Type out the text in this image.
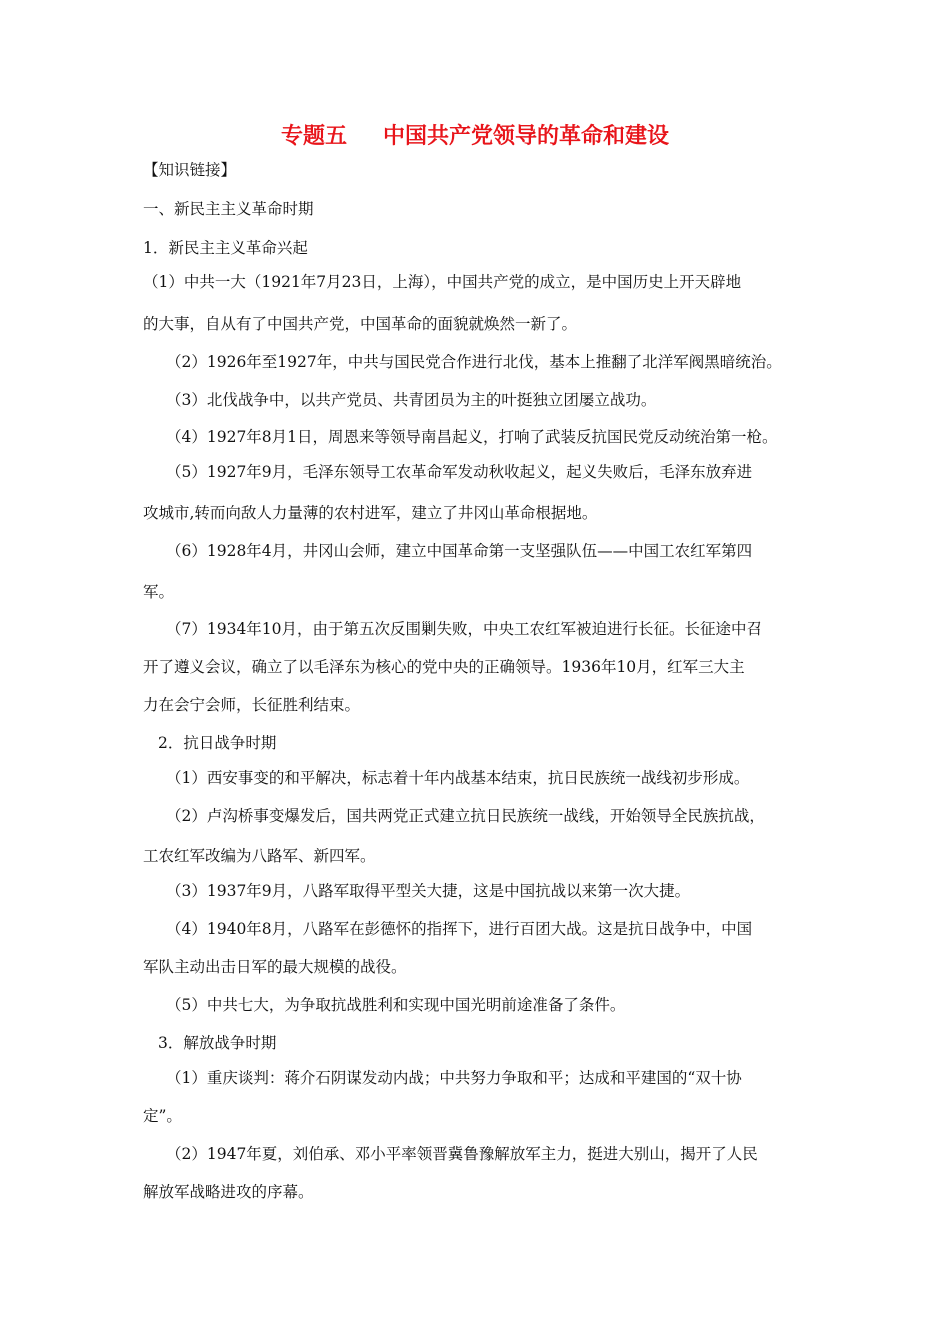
专题五 中国共产党领导的革命和建设
【知识链接】
一、新民主主义革命时期
1．新民主主义革命兴起
（1）中共一大（1921年7月23日，上海），中国共产党的成立，是中国历史上开天辟地
的大事，自从有了中国共产党，中国革命的面貌就焕然一新了。
（2）1926年至1927年，中共与国民党合作进行北伐，基本上推翻了北洋军阀黑暗统治。
（3）北伐战争中，以共产党员、共青团员为主的叶挺独立团屡立战功。
（4）1927年8月1日，周恩来等领导南昌起义，打响了武装反抗国民党反动统治第一枪。
（5）1927年9月，毛泽东领导工农革命军发动秋收起义，起义失败后，毛泽东放弃进
攻城市,转而向敌人力量薄的农村进军，建立了井冈山革命根据地。
（6）1928年4月，井冈山会师，建立中国革命第一支坚强队伍——中国工农红军第四
军。
（7）1934年10月，由于第五次反围剿失败，中央工农红军被迫进行长征。长征途中召
开了遵义会议，确立了以毛泽东为核心的党中央的正确领导。1936年10月，红军三大主
力在会宁会师，长征胜利结束。
2．抗日战争时期
（1）西安事变的和平解决，标志着十年内战基本结束，抗日民族统一战线初步形成。
（2）卢沟桥事变爆发后，国共两党正式建立抗日民族统一战线，开始领导全民族抗战，
工农红军改编为八路军、新四军。
（3）1937年9月，八路军取得平型关大捷，这是中国抗战以来第一次大捷。
（4）1940年8月，八路军在彭德怀的指挥下，进行百团大战。这是抗日战争中，中国
军队主动出击日军的最大规模的战役。
（5）中共七大，为争取抗战胜利和实现中国光明前途准备了条件。
3．解放战争时期
（1）重庆谈判：蒋介石阴谋发动内战；中共努力争取和平；达成和平建国的“双十协
定”。
（2）1947年夏，刘伯承、邓小平率领晋冀鲁豫解放军主力，挺进大别山，揭开了人民
解放军战略进攻的序幕。
